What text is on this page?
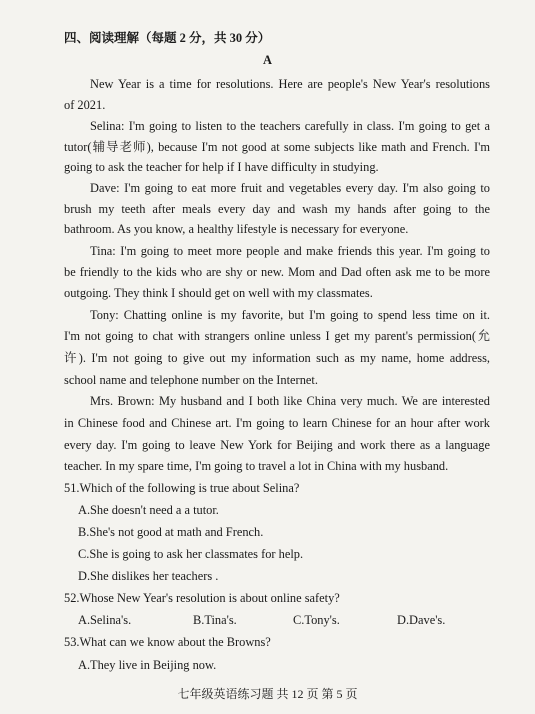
四、阅读理解（每题 2 分，共 30 分）
A
New Year is a time for resolutions. Here are people's New Year's resolutions
of 2021.
Selina: I'm going to listen to the teachers carefully in class. I'm going to get a
tutor(辅导老师), because I'm not good at some subjects like math and French. I'm
going to ask the teacher for help if I have difficulty in studying.
Dave: I'm going to eat more fruit and vegetables every day. I'm also going to
brush my teeth after meals every day and wash my hands after going to the
bathroom. As you know, a healthy lifestyle is necessary for everyone.
Tina: I'm going to meet more people and make friends this year. I'm going to
be friendly to the kids who are shy or new. Mom and Dad often ask me to be more
outgoing. They think I should get on well with my classmates.
Tony: Chatting online is my favorite, but I'm going to spend less time on it.
I'm not going to chat with strangers online unless I get my parent's permission(允
许). I'm not going to give out my information such as my name, home address,
school name and telephone number on the Internet.
Mrs. Brown: My husband and I both like China very much. We are interested
in Chinese food and Chinese art. I'm going to learn Chinese for an hour after work
every day. I'm going to leave New York for Beijing and work there as a language
teacher. In my spare time, I'm going to travel a lot in China with my husband.
51.Which of the following is true about Selina?
A.She doesn't need a a tutor.
B.She's not good at math and French.
C.She is going to ask her classmates for help.
D.She dislikes her teachers .
52.Whose New Year's resolution is about online safety?
A.Selina's.	B.Tina's.	C.Tony's.	D.Dave's.
53.What can we know about the Browns?
A.They live in Beijing now.
七年级英语练习题 共 12 页 第 5 页
